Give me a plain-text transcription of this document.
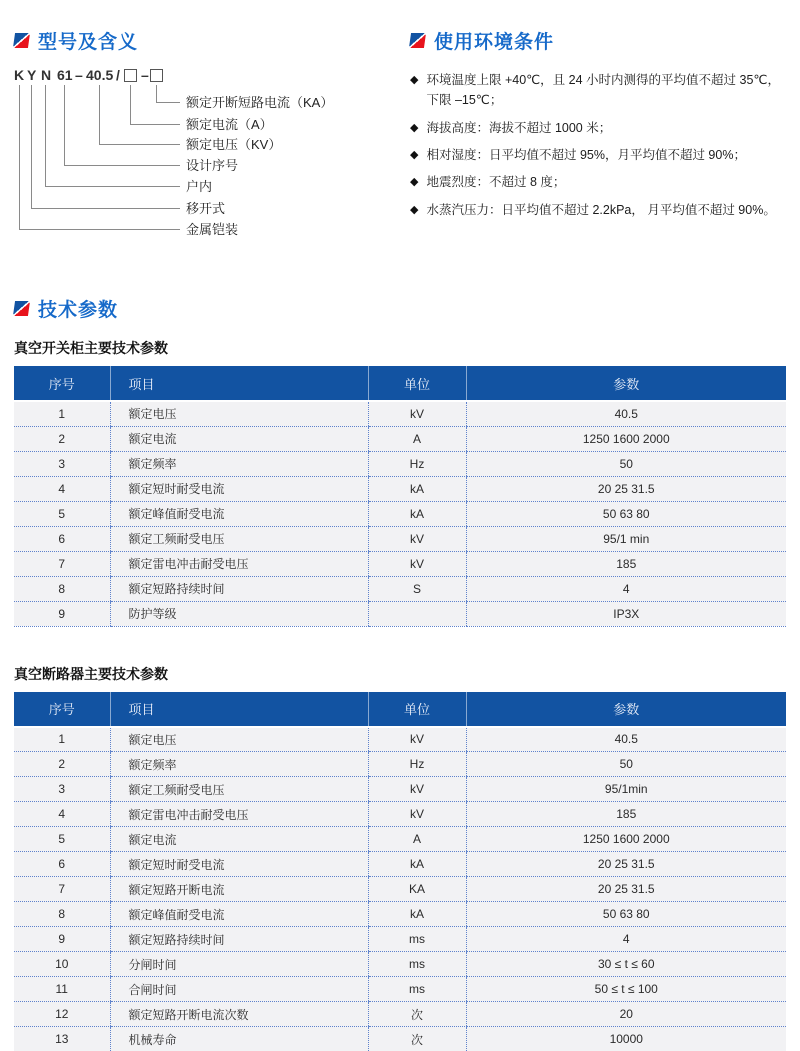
型号及含义
K Y N 61 – 40.5 / –
额定开断短路电流（KA）
额定电流（A）
额定电压（KV）
设计序号
户内
移开式
金属铠装
使用环境条件
◆ 环境温度上限 +40℃，且 24 小时内测得的平均值不超过 35℃，下限 –15℃；
◆ 海拔高度：海拔不超过 1000 米；
◆ 相对湿度：日平均值不超过 95%，月平均值不超过 90%；
◆ 地震烈度：不超过 8 度；
◆ 水蒸汽压力：日平均值不超过 2.2kPa， 月平均值不超过 90%。
技术参数
真空开关柜主要技术参数
序号	项目	单位	参数
1	额定电压	kV	40.5
2	额定电流	A	1250 1600 2000
3	额定频率	Hz	50
4	额定短时耐受电流	kA	20 25 31.5
5	额定峰值耐受电流	kA	50 63 80
6	额定工频耐受电压	kV	95/1 min
7	额定雷电冲击耐受电压	kV	185
8	额定短路持续时间	S	4
9	防护等级		IP3X
真空断路器主要技术参数
序号	项目	单位	参数
1	额定电压	kV	40.5
2	额定频率	Hz	50
3	额定工频耐受电压	kV	95/1min
4	额定雷电冲击耐受电压	kV	185
5	额定电流	A	1250 1600 2000
6	额定短时耐受电流	kA	20 25 31.5
7	额定短路开断电流	KA	20 25 31.5
8	额定峰值耐受电流	kA	50 63 80
9	额定短路持续时间	ms	4
10	分闸时间	ms	30 ≤ t ≤ 60
11	合闸时间	ms	50 ≤ t ≤ 100
12	额定短路开断电流次数	次	20
13	机械寿命	次	10000
